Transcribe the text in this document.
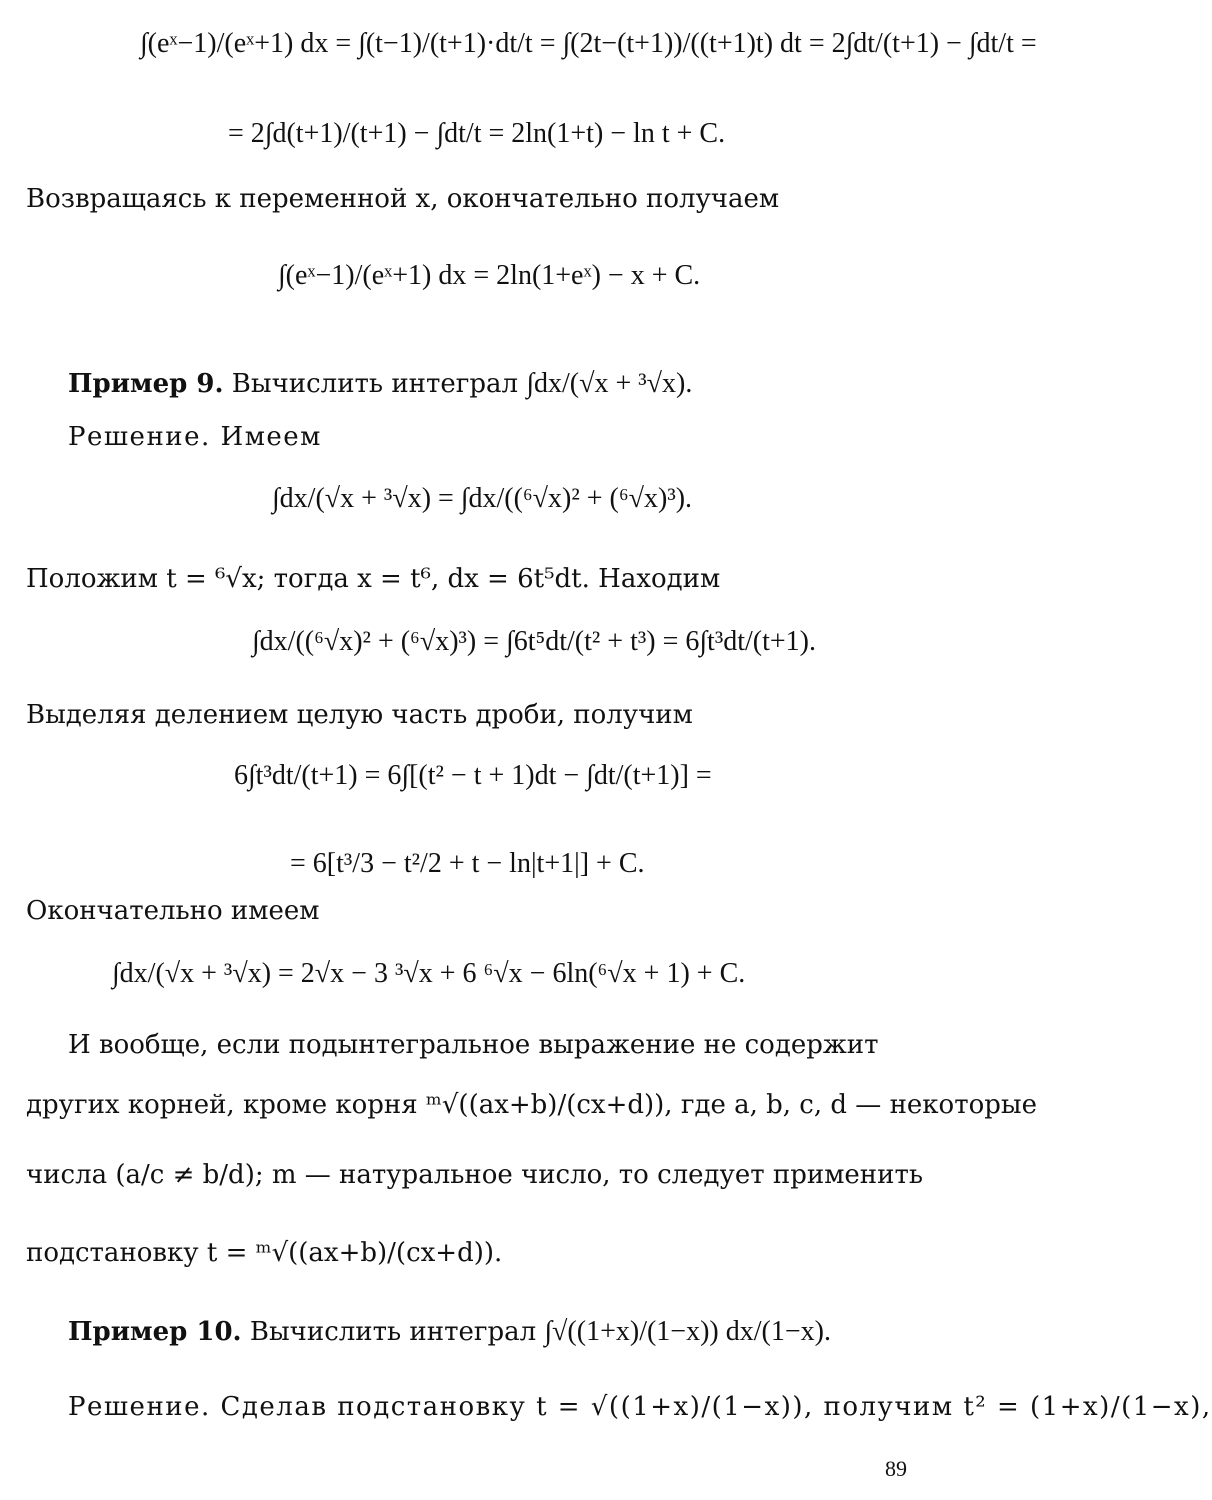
∫(eˣ−1)/(eˣ+1) dx = ∫(t−1)/(t+1)·dt/t = ∫(2t−(t+1))/((t+1)t) dt = 2∫dt/(t+1) − ∫dt/t =
= 2∫d(t+1)/(t+1) − ∫dt/t = 2ln(1+t) − ln t + C.
Возвращаясь к переменной x, окончательно получаем
∫(eˣ−1)/(eˣ+1) dx = 2ln(1+eˣ) − x + C.
Пример 9. Вычислить интеграл ∫dx/(√x + ³√x).
Решение. Имеем
∫dx/(√x + ³√x) = ∫dx/((⁶√x)² + (⁶√x)³).
Положим t = ⁶√x; тогда x = t⁶, dx = 6t⁵dt. Находим
∫dx/((⁶√x)² + (⁶√x)³) = ∫6t⁵dt/(t² + t³) = 6∫t³dt/(t+1).
Выделяя делением целую часть дроби, получим
6∫t³dt/(t+1) = 6∫[(t² − t + 1)dt − ∫dt/(t+1)] =
= 6[t³/3 − t²/2 + t − ln|t+1|] + C.
Окончательно имеем
∫dx/(√x + ³√x) = 2√x − 3 ³√x + 6 ⁶√x − 6ln(⁶√x + 1) + C.
И вообще, если подынтегральное выражение не содержит
других корней, кроме корня ᵐ√((ax+b)/(cx+d)), где a, b, c, d — некоторые
числа (a/c ≠ b/d); m — натуральное число, то следует применить
подстановку t = ᵐ√((ax+b)/(cx+d)).
Пример 10. Вычислить интеграл ∫√((1+x)/(1−x)) dx/(1−x).
Решение. Сделав подстановку t = √((1+x)/(1−x)), получим t² = (1+x)/(1−x),
89
